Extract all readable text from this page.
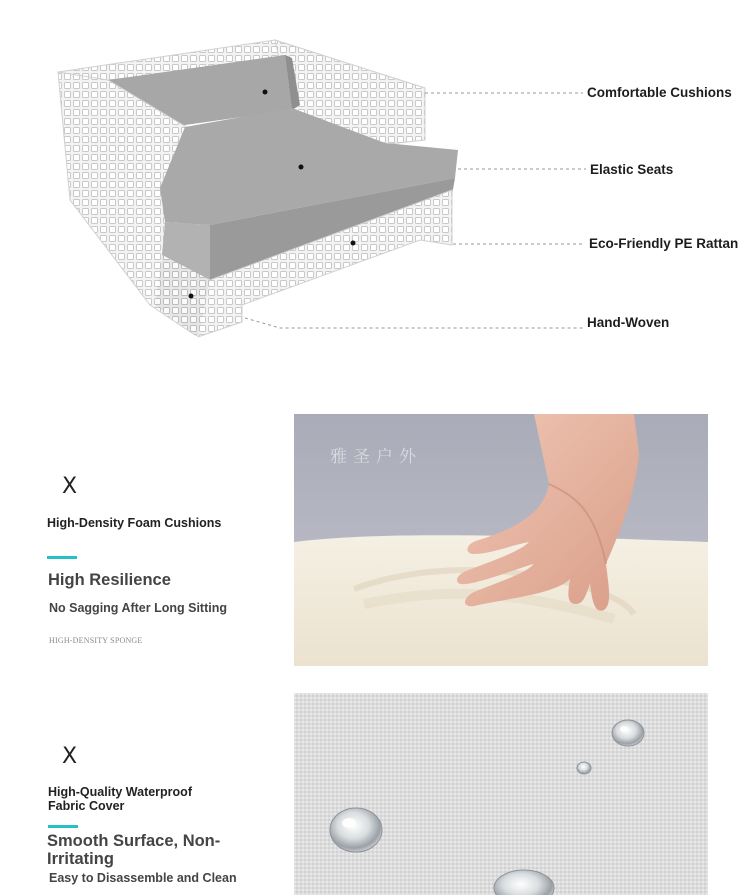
Comfortable Cushions
Elastic Seats
Eco-Friendly PE Rattan
Hand-Woven
X
High-Density Foam Cushions
High Resilience
No Sagging After Long Sitting
HIGH-DENSITY SPONGE
雅圣户外
X
High-Quality Waterproof Fabric Cover
Smooth Surface, Non-Irritating
Easy to Disassemble and Clean
